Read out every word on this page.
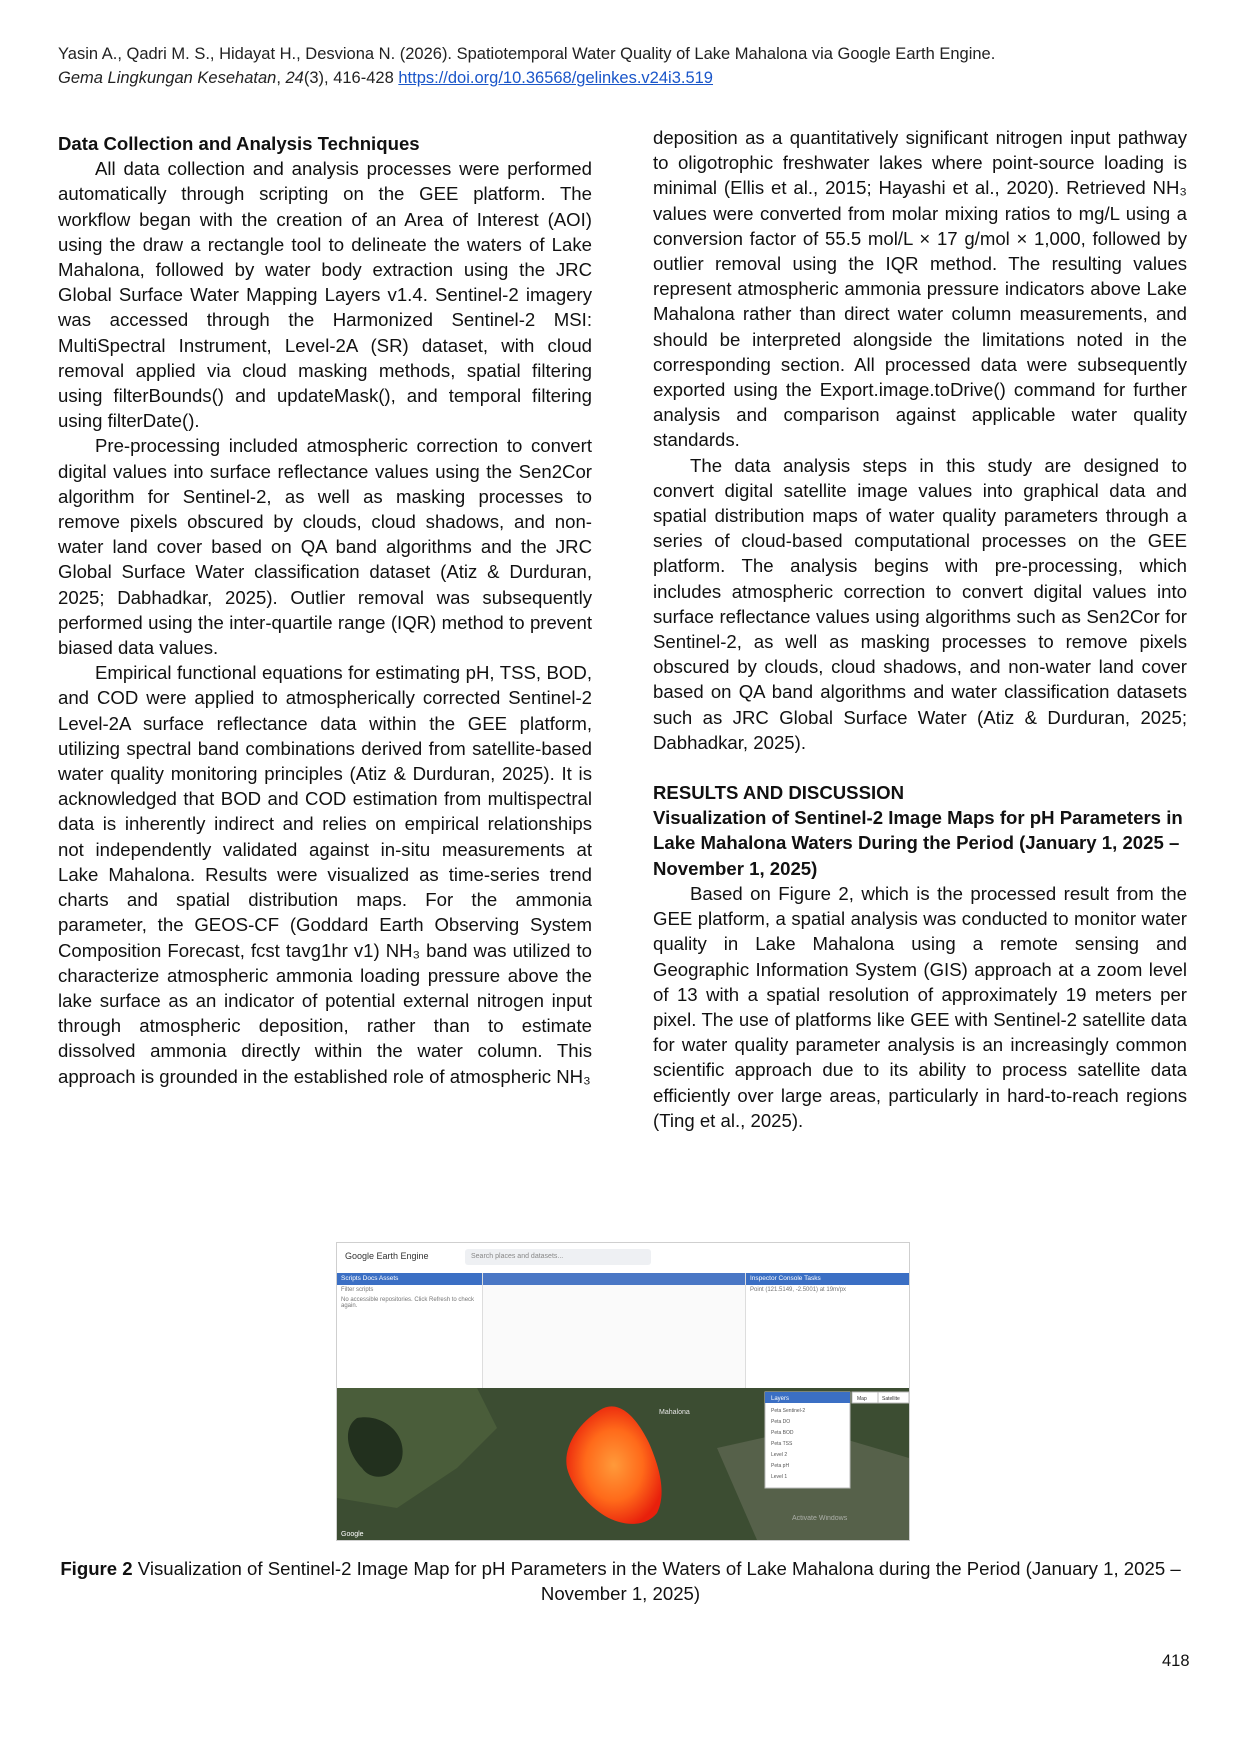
Yasin A., Qadri M. S., Hidayat H., Desviona N. (2026). Spatiotemporal Water Quality of Lake Mahalona via Google Earth Engine.
Gema Lingkungan Kesehatan, 24(3), 416-428 https://doi.org/10.36568/gelinkes.v24i3.519
Data Collection and Analysis Techniques

All data collection and analysis processes were performed automatically through scripting on the GEE platform. The workflow began with the creation of an Area of Interest (AOI) using the draw a rectangle tool to delineate the waters of Lake Mahalona, followed by water body extraction using the JRC Global Surface Water Mapping Layers v1.4. Sentinel-2 imagery was accessed through the Harmonized Sentinel-2 MSI: MultiSpectral Instrument, Level-2A (SR) dataset, with cloud removal applied via cloud masking methods, spatial filtering using filterBounds() and updateMask(), and temporal filtering using filterDate().

Pre-processing included atmospheric correction to convert digital values into surface reflectance values using the Sen2Cor algorithm for Sentinel-2, as well as masking processes to remove pixels obscured by clouds, cloud shadows, and non-water land cover based on QA band algorithms and the JRC Global Surface Water classification dataset (Atiz & Durduran, 2025; Dabhadkar, 2025). Outlier removal was subsequently performed using the inter-quartile range (IQR) method to prevent biased data values.

Empirical functional equations for estimating pH, TSS, BOD, and COD were applied to atmospherically corrected Sentinel-2 Level-2A surface reflectance data within the GEE platform, utilizing spectral band combinations derived from satellite-based water quality monitoring principles (Atiz & Durduran, 2025). It is acknowledged that BOD and COD estimation from multispectral data is inherently indirect and relies on empirical relationships not independently validated against in-situ measurements at Lake Mahalona. Results were visualized as time-series trend charts and spatial distribution maps. For the ammonia parameter, the GEOS-CF (Goddard Earth Observing System Composition Forecast, fcst tavg1hr v1) NH₃ band was utilized to characterize atmospheric ammonia loading pressure above the lake surface as an indicator of potential external nitrogen input through atmospheric deposition, rather than to estimate dissolved ammonia directly within the water column. This approach is grounded in the established role of atmospheric NH₃

deposition as a quantitatively significant nitrogen input pathway to oligotrophic freshwater lakes where point-source loading is minimal (Ellis et al., 2015; Hayashi et al., 2020). Retrieved NH₃ values were converted from molar mixing ratios to mg/L using a conversion factor of 55.5 mol/L × 17 g/mol × 1,000, followed by outlier removal using the IQR method. The resulting values represent atmospheric ammonia pressure indicators above Lake Mahalona rather than direct water column measurements, and should be interpreted alongside the limitations noted in the corresponding section. All processed data were subsequently exported using the Export.image.toDrive() command for further analysis and comparison against applicable water quality standards.

The data analysis steps in this study are designed to convert digital satellite image values into graphical data and spatial distribution maps of water quality parameters through a series of cloud-based computational processes on the GEE platform. The analysis begins with pre-processing, which includes atmospheric correction to convert digital values into surface reflectance values using algorithms such as Sen2Cor for Sentinel-2, as well as masking processes to remove pixels obscured by clouds, cloud shadows, and non-water land cover based on QA band algorithms and water classification datasets such as JRC Global Surface Water (Atiz & Durduran, 2025; Dabhadkar, 2025).

RESULTS AND DISCUSSION
Visualization of Sentinel-2 Image Maps for pH Parameters in Lake Mahalona Waters During the Period (January 1, 2025 – November 1, 2025)

Based on Figure 2, which is the processed result from the GEE platform, a spatial analysis was conducted to monitor water quality in Lake Mahalona using a remote sensing and Geographic Information System (GIS) approach at a zoom level of 13 with a spatial resolution of approximately 19 meters per pixel. The use of platforms like GEE with Sentinel-2 satellite data for water quality parameter analysis is an increasingly common scientific approach due to its ability to process satellite data efficiently over large areas, particularly in hard-to-reach regions (Ting et al., 2025).

Google Earth Engine	Search places and datasets...
Scripts Docs Assets
Filter scripts
No accessible repositories. Click Refresh to check again.
Inspector Console Tasks
Point (121.5149, -2.5001) at 19m/px
Mahalona
Layers
Peta Sentinel-2
Peta DO
Peta BOD
Peta TSS
Level 2
Peta pH
Level 1
Map	Satellite
Google
Activate Windows
Figure 2 Visualization of Sentinel-2 Image Map for pH Parameters in the Waters of Lake Mahalona during the Period (January 1, 2025 – November 1, 2025)
418
